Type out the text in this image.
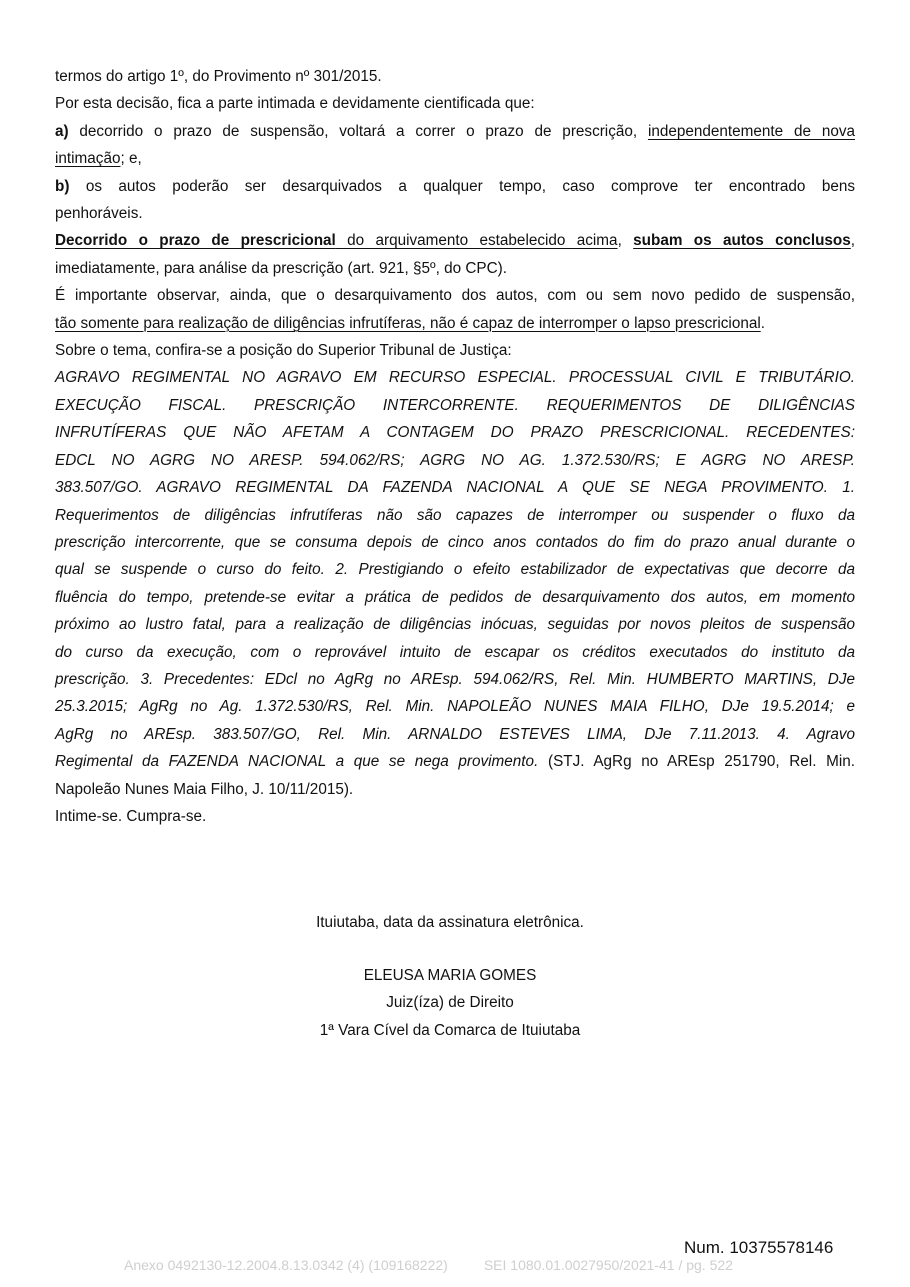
termos do artigo 1º, do Provimento nº 301/2015.

Por esta decisão, fica a parte intimada e devidamente cientificada que:

a) decorrido o prazo de suspensão, voltará a correr o prazo de prescrição, independentemente de nova

intimação; e,

b) os autos poderão ser desarquivados a qualquer tempo, caso comprove ter encontrado bens

penhoráveis.

Decorrido o prazo de prescricional do arquivamento estabelecido acima, subam os autos conclusos,

imediatamente, para análise da prescrição (art. 921, §5º, do CPC).

É importante observar, ainda, que o desarquivamento dos autos, com ou sem novo pedido de suspensão,

tão somente para realização de diligências infrutíferas, não é capaz de interromper o lapso prescricional.

Sobre o tema, confira-se a posição do Superior Tribunal de Justiça:

AGRAVO REGIMENTAL NO AGRAVO EM RECURSO ESPECIAL. PROCESSUAL CIVIL E TRIBUTÁRIO.

EXECUÇÃO FISCAL. PRESCRIÇÃO INTERCORRENTE. REQUERIMENTOS DE DILIGÊNCIAS

INFRUTÍFERAS QUE NÃO AFETAM A CONTAGEM DO PRAZO PRESCRICIONAL. RECEDENTES:

EDCL NO AGRG NO ARESP. 594.062/RS; AGRG NO AG. 1.372.530/RS; E AGRG NO ARESP.

383.507/GO. AGRAVO REGIMENTAL DA FAZENDA NACIONAL A QUE SE NEGA PROVIMENTO. 1.

Requerimentos de diligências infrutíferas não são capazes de interromper ou suspender o fluxo da

prescrição intercorrente, que se consuma depois de cinco anos contados do fim do prazo anual durante o

qual se suspende o curso do feito. 2. Prestigiando o efeito estabilizador de expectativas que decorre da

fluência do tempo, pretende-se evitar a prática de pedidos de desarquivamento dos autos, em momento

próximo ao lustro fatal, para a realização de diligências inócuas, seguidas por novos pleitos de suspensão

do curso da execução, com o reprovável intuito de escapar os créditos executados do instituto da

prescrição. 3. Precedentes: EDcl no AgRg no AREsp. 594.062/RS, Rel. Min. HUMBERTO MARTINS, DJe

25.3.2015; AgRg no Ag. 1.372.530/RS, Rel. Min. NAPOLEÃO NUNES MAIA FILHO, DJe 19.5.2014; e

AgRg no AREsp. 383.507/GO, Rel. Min. ARNALDO ESTEVES LIMA, DJe 7.11.2013. 4. Agravo

Regimental da FAZENDA NACIONAL a que se nega provimento. (STJ. AgRg no AREsp 251790, Rel. Min.

Napoleão Nunes Maia Filho, J. 10/11/2015).

Intime-se. Cumpra-se.

Ituiutaba, data da assinatura eletrônica.
ELEUSA MARIA GOMES
Juiz(íza) de Direito
1ª Vara Cível da Comarca de Ituiutaba
Num. 10375578146
Anexo 0492130-12.2004.8.13.0342 (4) (109168222)	SEI 1080.01.0027950/2021-41 / pg. 522
